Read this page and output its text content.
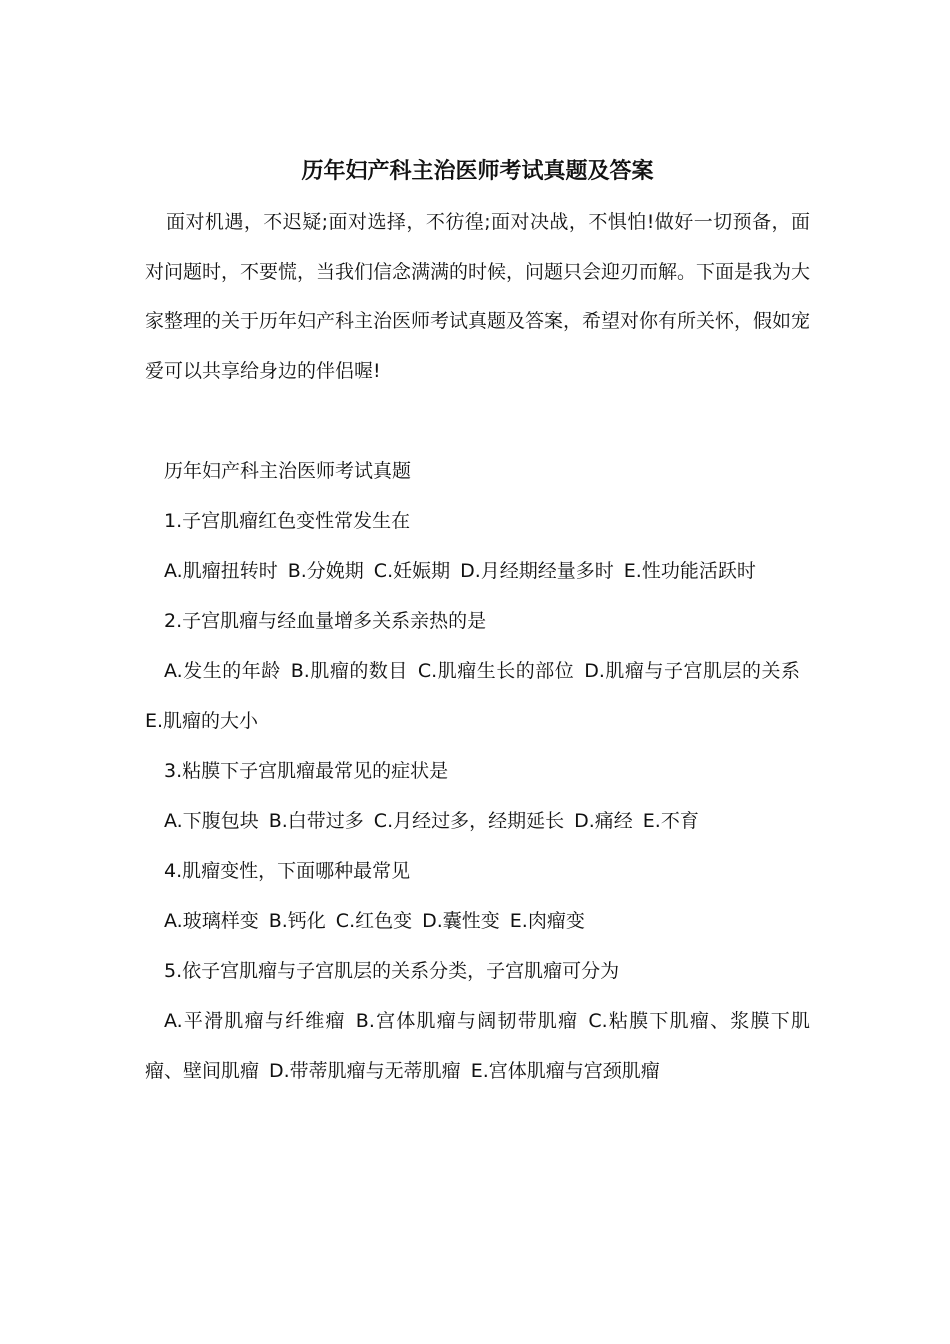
历年妇产科主治医师考试真题及答案

面对机遇，不迟疑;面对选择，不彷徨;面对决战，不惧怕!做好一切预备，面对问题时，不要慌，当我们信念满满的时候，问题只会迎刃而解。下面是我为大家整理的关于历年妇产科主治医师考试真题及答案，希望对你有所关怀，假如宠爱可以共享给身边的伴侣喔!

历年妇产科主治医师考试真题

1.子宫肌瘤红色变性常发生在

A.肌瘤扭转时 B.分娩期 C.妊娠期 D.月经期经量多时 E.性功能活跃时

2.子宫肌瘤与经血量增多关系亲热的是

A.发生的年龄 B.肌瘤的数目 C.肌瘤生长的部位 D.肌瘤与子宫肌层的关系E.肌瘤的大小

3.粘膜下子宫肌瘤最常见的症状是

A.下腹包块 B.白带过多 C.月经过多，经期延长 D.痛经 E.不育

4.肌瘤变性，下面哪种最常见

A.玻璃样变 B.钙化 C.红色变 D.囊性变 E.肉瘤变

5.依子宫肌瘤与子宫肌层的关系分类，子宫肌瘤可分为

A.平滑肌瘤与纤维瘤 B.宫体肌瘤与阔韧带肌瘤 C.粘膜下肌瘤、浆膜下肌瘤、壁间肌瘤 D.带蒂肌瘤与无蒂肌瘤 E.宫体肌瘤与宫颈肌瘤
